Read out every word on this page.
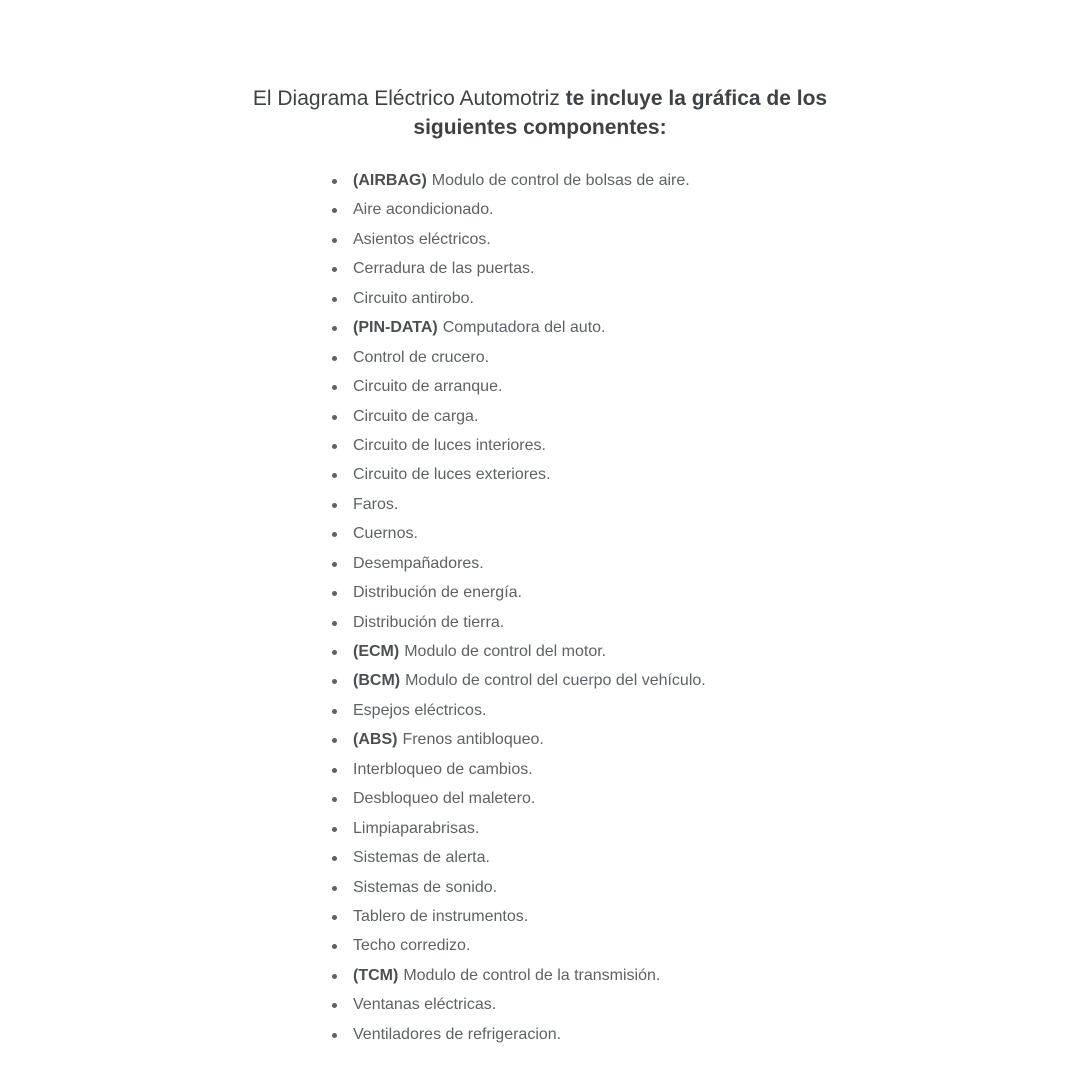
El Diagrama Eléctrico Automotriz te incluye la gráfica de los siguientes componentes:
(AIRBAG) Modulo de control de bolsas de aire.
Aire acondicionado.
Asientos eléctricos.
Cerradura de las puertas.
Circuito antirobo.
(PIN-DATA) Computadora del auto.
Control de crucero.
Circuito de arranque.
Circuito de carga.
Circuito de luces interiores.
Circuito de luces exteriores.
Faros.
Cuernos.
Desempañadores.
Distribución de energía.
Distribución de tierra.
(ECM) Modulo de control del motor.
(BCM) Modulo de control del cuerpo del vehículo.
Espejos eléctricos.
(ABS) Frenos antibloqueo.
Interbloqueo de cambios.
Desbloqueo del maletero.
Limpiaparabrisas.
Sistemas de alerta.
Sistemas de sonido.
Tablero de instrumentos.
Techo corredizo.
(TCM) Modulo de control de la transmisión.
Ventanas eléctricas.
Ventiladores de refrigeracion.
